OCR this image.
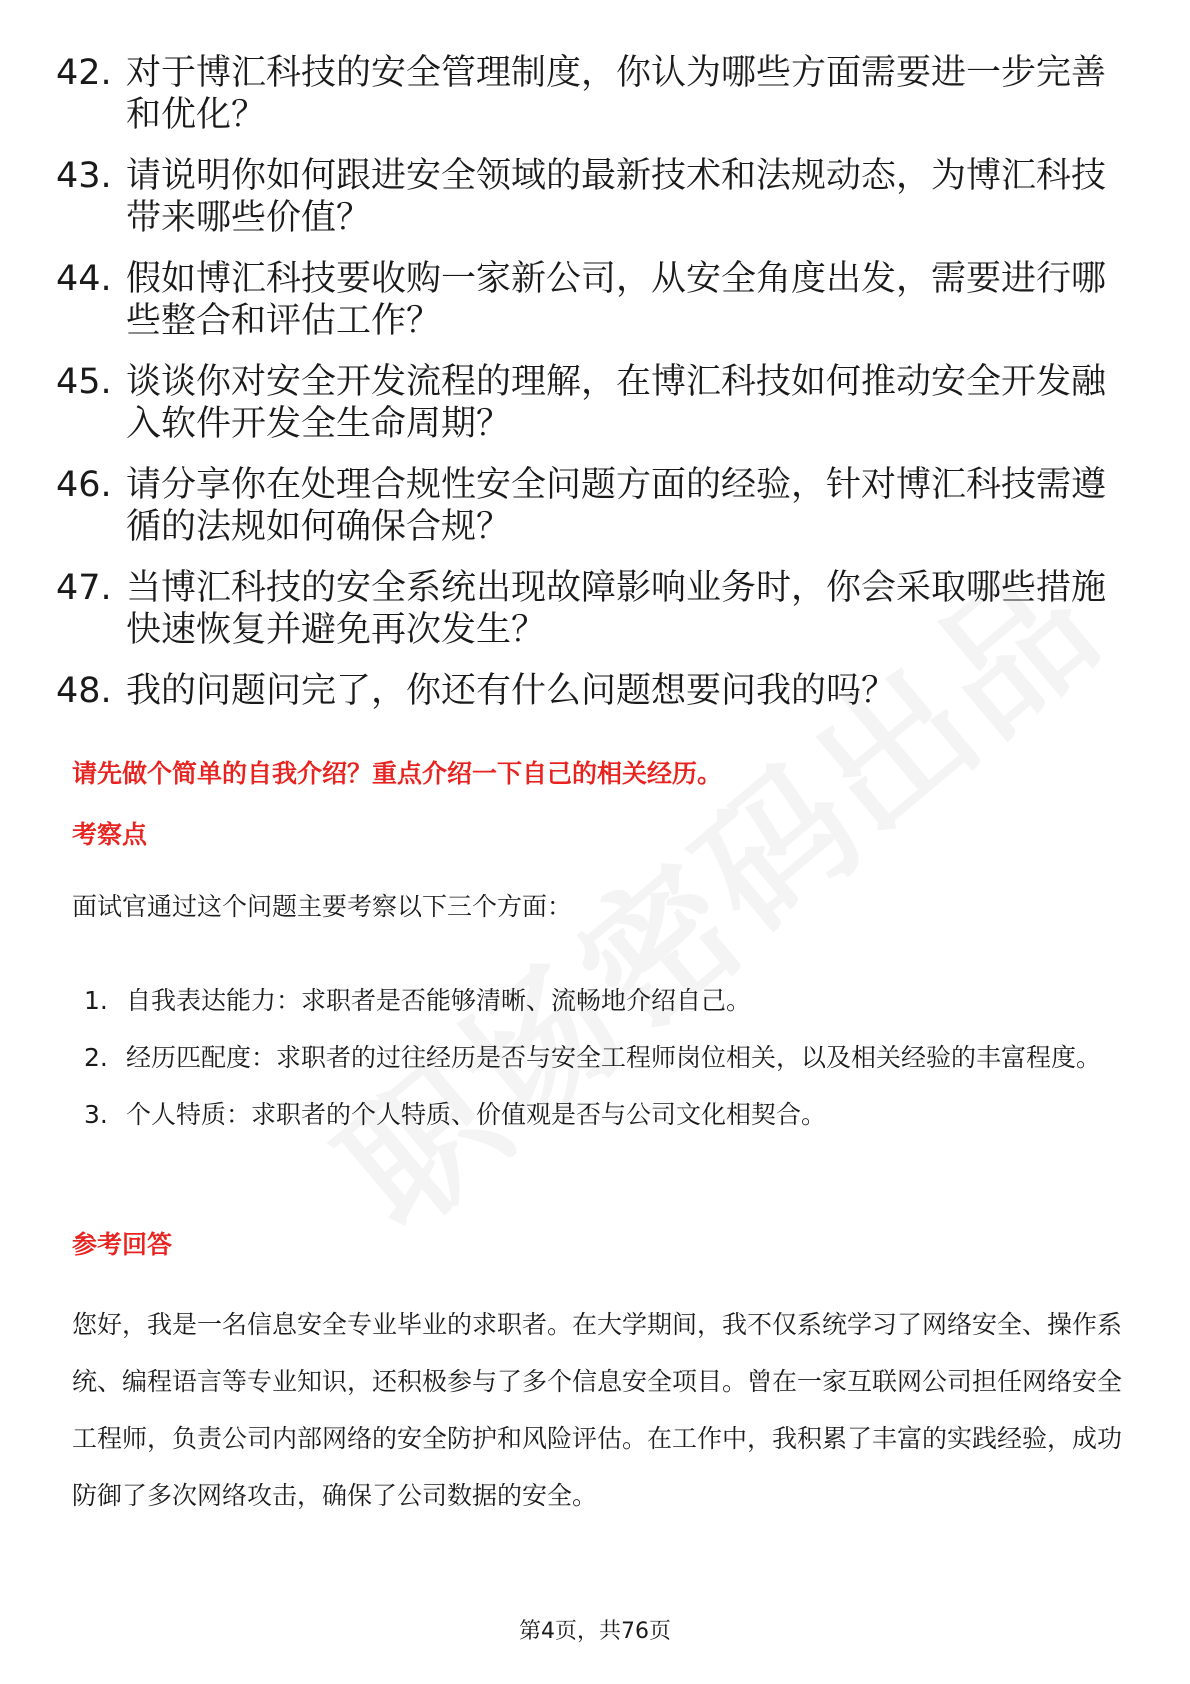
42. 对于博汇科技的安全管理制度，你认为哪些方面需要进一步完善和优化？
43. 请说明你如何跟进安全领域的最新技术和法规动态，为博汇科技带来哪些价值？
44. 假如博汇科技要收购一家新公司，从安全角度出发，需要进行哪些整合和评估工作？
45. 谈谈你对安全开发流程的理解，在博汇科技如何推动安全开发融入软件开发全生命周期？
46. 请分享你在处理合规性安全问题方面的经验，针对博汇科技需遵循的法规如何确保合规？
47. 当博汇科技的安全系统出现故障影响业务时，你会采取哪些措施快速恢复并避免再次发生？
48. 我的问题问完了，你还有什么问题想要问我的吗？
请先做个简单的自我介绍？重点介绍一下自己的相关经历。
考察点
面试官通过这个问题主要考察以下三个方面：
1. 自我表达能力：求职者是否能够清晰、流畅地介绍自己。
2. 经历匹配度：求职者的过往经历是否与安全工程师岗位相关，以及相关经验的丰富程度。
3. 个人特质：求职者的个人特质、价值观是否与公司文化相契合。
参考回答
您好，我是一名信息安全专业毕业的求职者。在大学期间，我不仅系统学习了网络安全、操作系统、编程语言等专业知识，还积极参与了多个信息安全项目。曾在一家互联网公司担任网络安全工程师，负责公司内部网络的安全防护和风险评估。在工作中，我积累了丰富的实践经验，成功防御了多次网络攻击，确保了公司数据的安全。
第4页，共76页
